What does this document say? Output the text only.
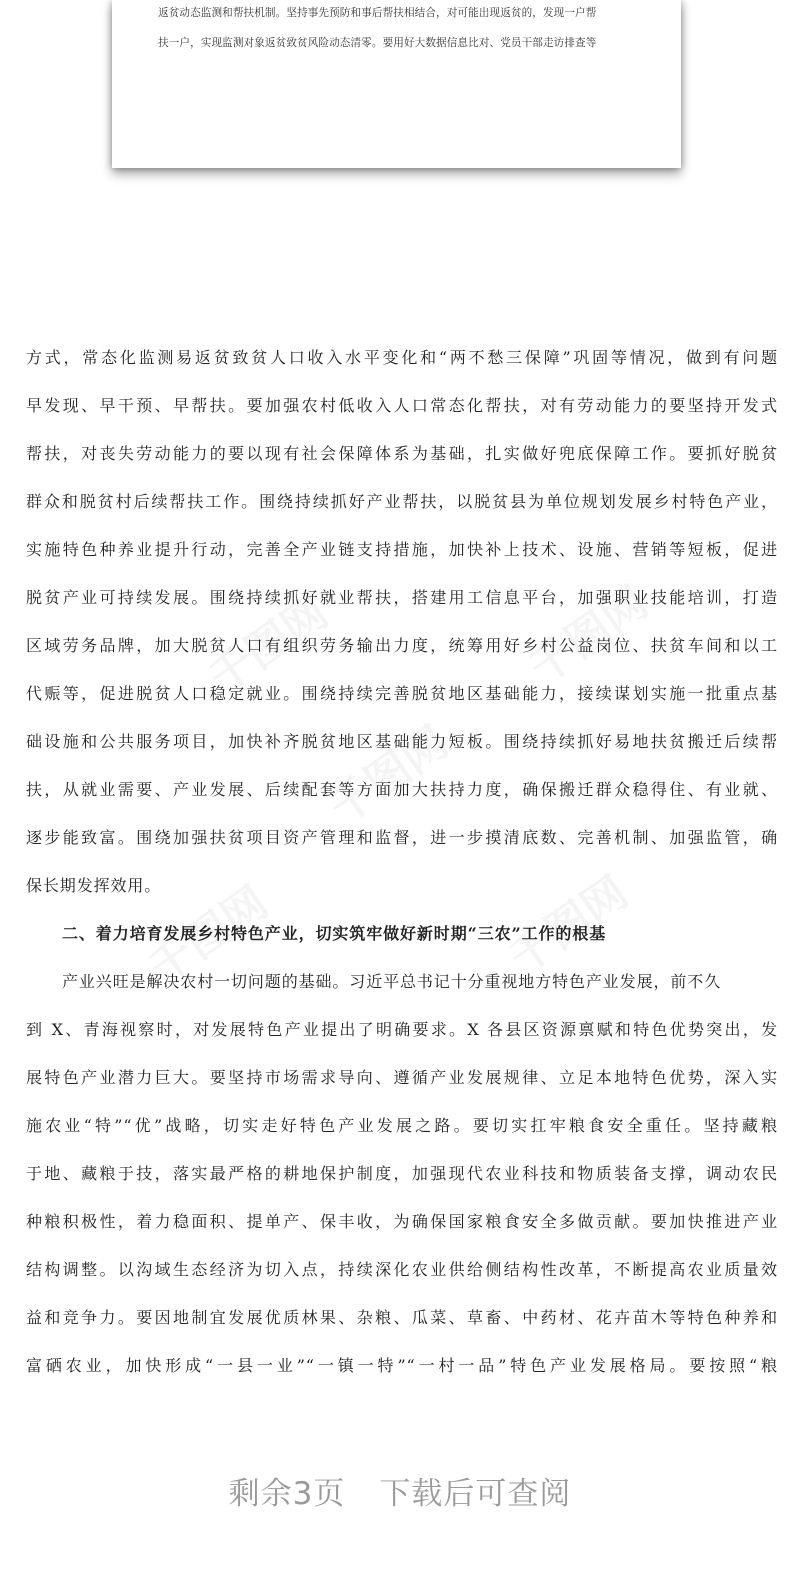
返贫动态监测和帮扶机制。坚持事先预防和事后帮扶相结合，对可能出现返贫的，发现一户帮
扶一户，实现监测对象返贫致贫风险动态清零。要用好大数据信息比对、党员干部走访排查等
千图网	千图网
千图网
千图网	千图网
方式，常态化监测易返贫致贫人口收入水平变化和“两不愁三保障”巩固等情况，做到有问题
早发现、早干预、早帮扶。要加强农村低收入人口常态化帮扶，对有劳动能力的要坚持开发式
帮扶，对丧失劳动能力的要以现有社会保障体系为基础，扎实做好兜底保障工作。要抓好脱贫
群众和脱贫村后续帮扶工作。围绕持续抓好产业帮扶，以脱贫县为单位规划发展乡村特色产业，
实施特色种养业提升行动，完善全产业链支持措施，加快补上技术、设施、营销等短板，促进
脱贫产业可持续发展。围绕持续抓好就业帮扶，搭建用工信息平台，加强职业技能培训，打造
区域劳务品牌，加大脱贫人口有组织劳务输出力度，统筹用好乡村公益岗位、扶贫车间和以工
代赈等，促进脱贫人口稳定就业。围绕持续完善脱贫地区基础能力，接续谋划实施一批重点基
础设施和公共服务项目，加快补齐脱贫地区基础能力短板。围绕持续抓好易地扶贫搬迁后续帮
扶，从就业需要、产业发展、后续配套等方面加大扶持力度，确保搬迁群众稳得住、有业就、
逐步能致富。围绕加强扶贫项目资产管理和监督，进一步摸清底数、完善机制、加强监管，确
保长期发挥效用。
二、着力培育发展乡村特色产业，切实筑牢做好新时期“三农”工作的根基
产业兴旺是解决农村一切问题的基础。习近平总书记十分重视地方特色产业发展，前不久
到 X、青海视察时，对发展特色产业提出了明确要求。X 各县区资源禀赋和特色优势突出，发
展特色产业潜力巨大。要坚持市场需求导向、遵循产业发展规律、立足本地特色优势，深入实
施农业“特”“优”战略，切实走好特色产业发展之路。要切实扛牢粮食安全重任。坚持藏粮
于地、藏粮于技，落实最严格的耕地保护制度，加强现代农业科技和物质装备支撑，调动农民
种粮积极性，着力稳面积、提单产、保丰收，为确保国家粮食安全多做贡献。要加快推进产业
结构调整。以沟域生态经济为切入点，持续深化农业供给侧结构性改革，不断提高农业质量效
益和竞争力。要因地制宜发展优质林果、杂粮、瓜菜、草畜、中药材、花卉苗木等特色种养和
富硒农业，加快形成“一县一业”“一镇一特”“一村一品”特色产业发展格局。要按照“粮
剩余3页 下载后可查阅
